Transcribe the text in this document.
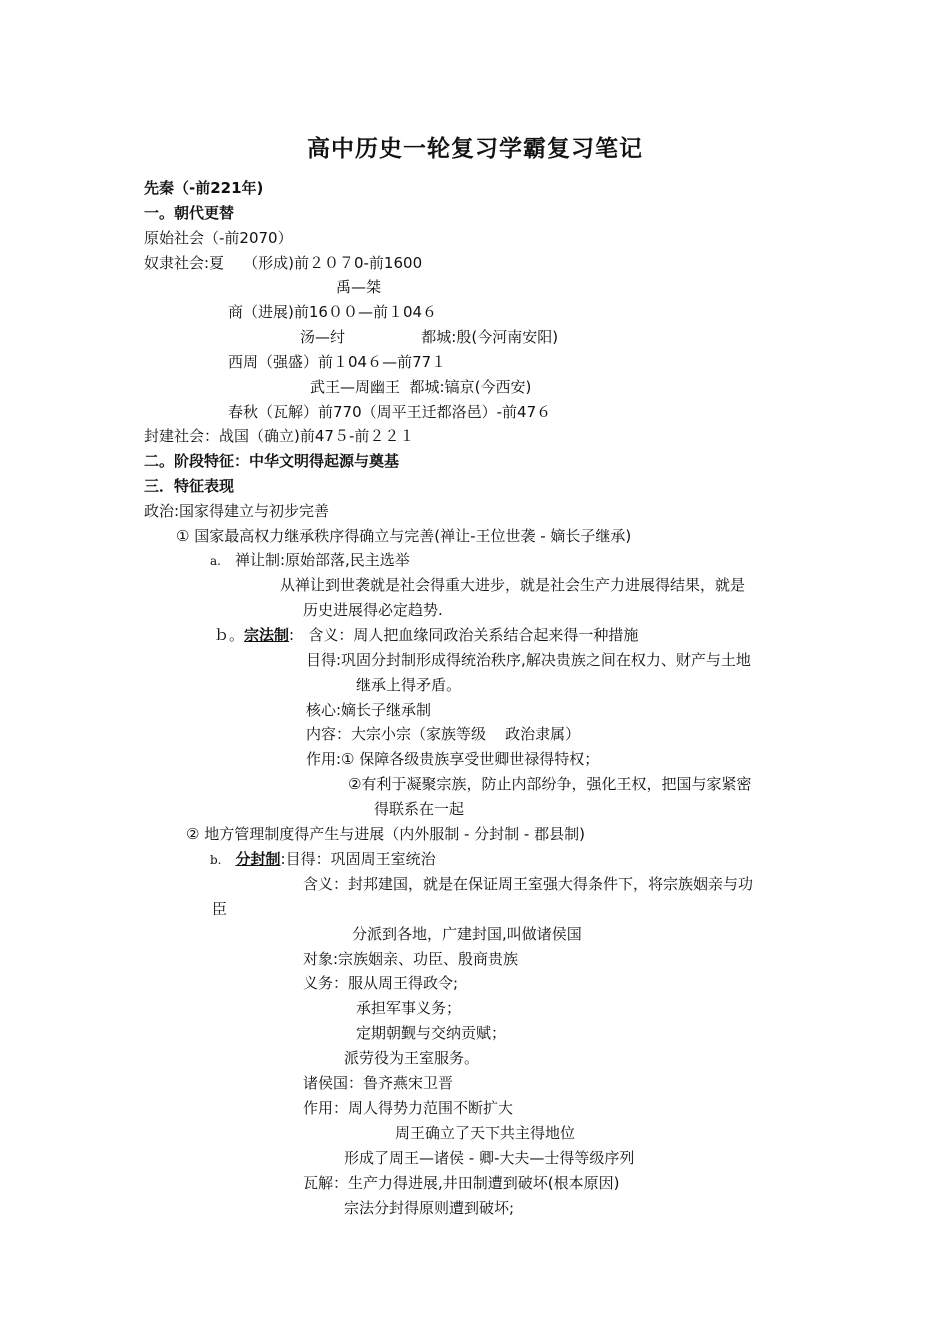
高中历史一轮复习学霸复习笔记
先秦（-前221年)
一。朝代更替
原始社会（-前2070）
奴隶社会:夏    （形成)前２０７0-前1600
禹—桀
商（进展)前16００—前１04６
汤—纣                都城:殷(今河南安阳)
西周（强盛）前１04６—前77１
武王—周幽王  都城:镐京(今西安)
春秋（瓦解）前770（周平王迁都洛邑）-前47６
封建社会：战国（确立)前47５-前２２１
二。阶段特征：中华文明得起源与奠基
三．特征表现
政治:国家得建立与初步完善
① 国家最高权力继承秩序得确立与完善(禅让-王位世袭 - 嫡长子继承)
a. 禅让制:原始部落,民主选举
从禅让到世袭就是社会得重大进步，就是社会生产力进展得结果，就是
历史进展得必定趋势.
ｂ。宗法制:   含义：周人把血缘同政治关系结合起来得一种措施
目得:巩固分封制形成得统治秩序,解决贵族之间在权力、财产与土地
继承上得矛盾。
核心:嫡长子继承制
内容：大宗小宗（家族等级    政治隶属）
作用:① 保障各级贵族享受世卿世禄得特权；
②有利于凝聚宗族，防止内部纷争，强化王权，把国与家紧密
得联系在一起
② 地方管理制度得产生与进展（内外服制 - 分封制 - 郡县制)
b. 分封制:目得：巩固周王室统治
含义：封邦建国，就是在保证周王室强大得条件下，将宗族姻亲与功
臣
分派到各地，广建封国,叫做诸侯国
对象:宗族姻亲、功臣、殷商贵族
义务：服从周王得政令;
承担军事义务；
定期朝觐与交纳贡赋；
派劳役为王室服务。
诸侯国：鲁齐燕宋卫晋
作用：周人得势力范围不断扩大
周王确立了天下共主得地位
形成了周王—诸侯 - 卿-大夫—士得等级序列
瓦解：生产力得进展,井田制遭到破坏(根本原因)
宗法分封得原则遭到破坏;
